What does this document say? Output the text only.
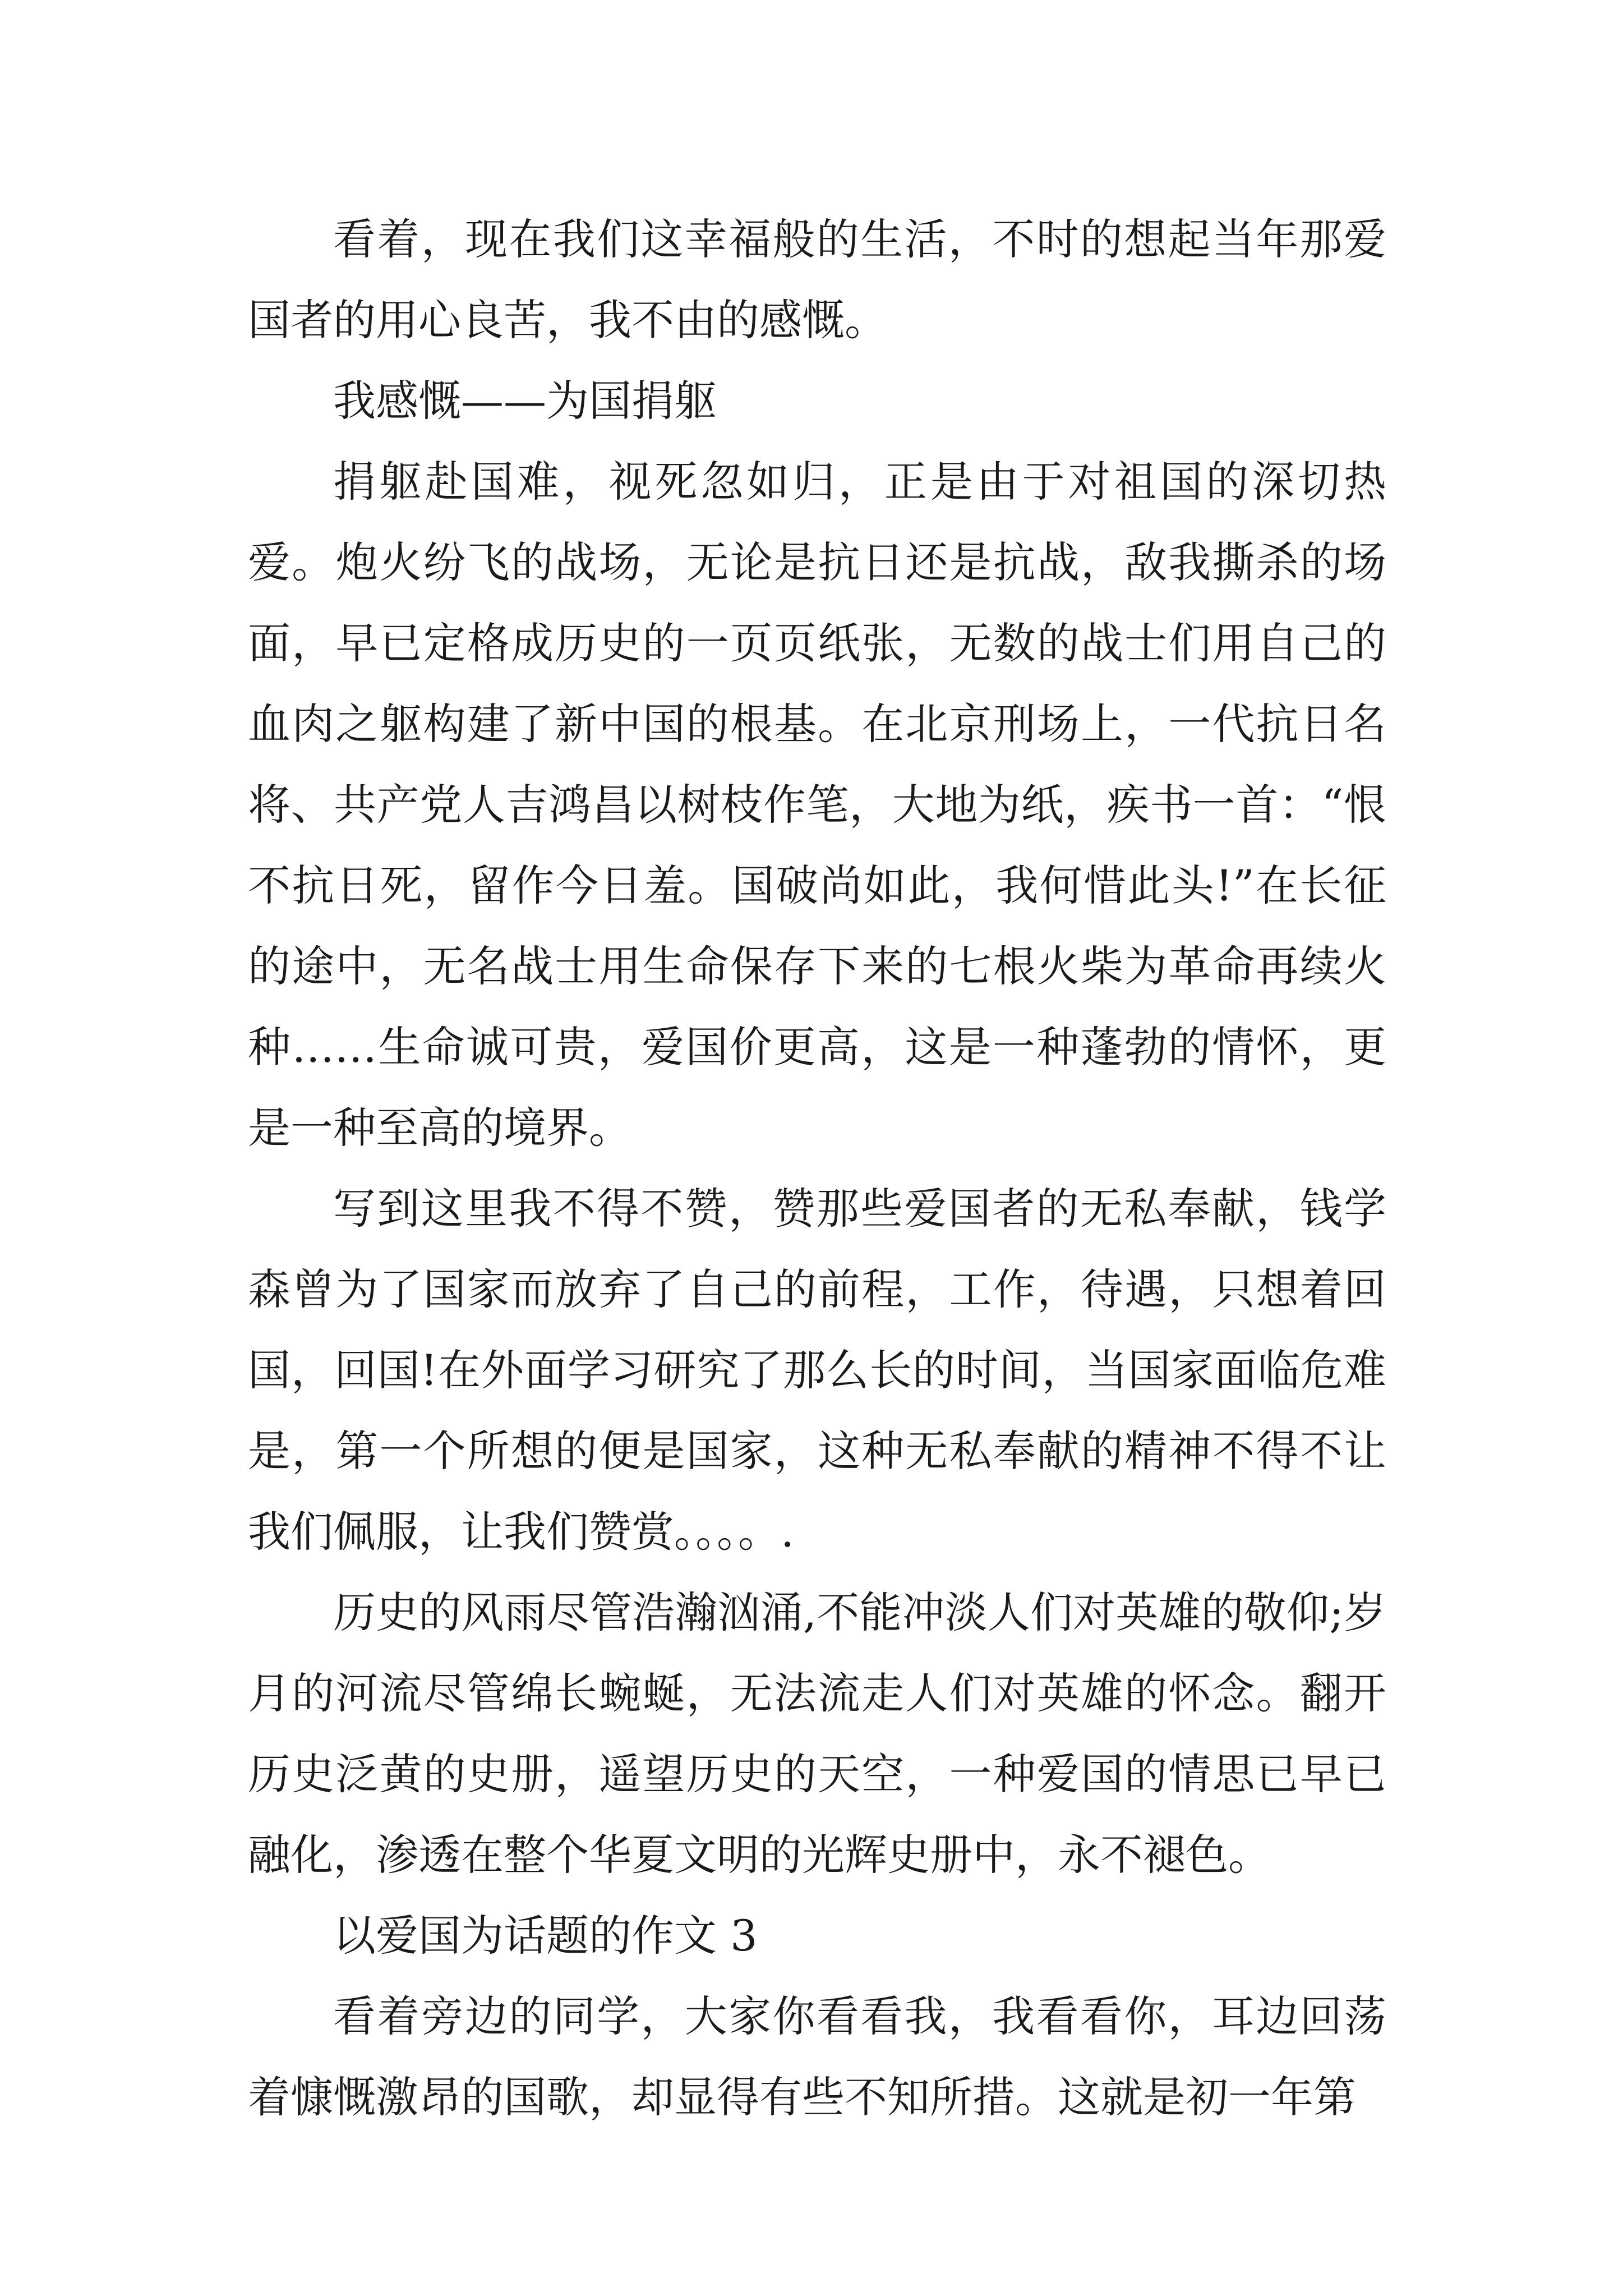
看着，现在我们这幸福般的生活，不时的想起当年那爱国者的用心良苦，我不由的感慨。

我感慨——为国捐躯

捐躯赴国难，视死忽如归，正是由于对祖国的深切热爱。炮火纷飞的战场，无论是抗日还是抗战，敌我撕杀的场面，早已定格成历史的一页页纸张，无数的战士们用自己的血肉之躯构建了新中国的根基。在北京刑场上，一代抗日名将、共产党人吉鸿昌以树枝作笔，大地为纸，疾书一首：“恨不抗日死，留作今日羞。国破尚如此，我何惜此头!”在长征的途中，无名战士用生命保存下来的七根火柴为革命再续火种……生命诚可贵，爱国价更高，这是一种蓬勃的情怀，更是一种至高的境界。

写到这里我不得不赞，赞那些爱国者的无私奉献，钱学森曾为了国家而放弃了自己的前程，工作，待遇，只想着回国，回国!在外面学习研究了那么长的时间，当国家面临危难是，第一个所想的便是国家，这种无私奉献的精神不得不让我们佩服，让我们赞赏。。。。.

历史的风雨尽管浩瀚汹涌,不能冲淡人们对英雄的敬仰;岁月的河流尽管绵长蜿蜒，无法流走人们对英雄的怀念。翻开历史泛黄的史册，遥望历史的天空，一种爱国的情思已早已融化，渗透在整个华夏文明的光辉史册中，永不褪色。

以爱国为话题的作文 3

看着旁边的同学，大家你看看我，我看看你，耳边回荡着慷慨激昂的国歌，却显得有些不知所措。这就是初一年第
